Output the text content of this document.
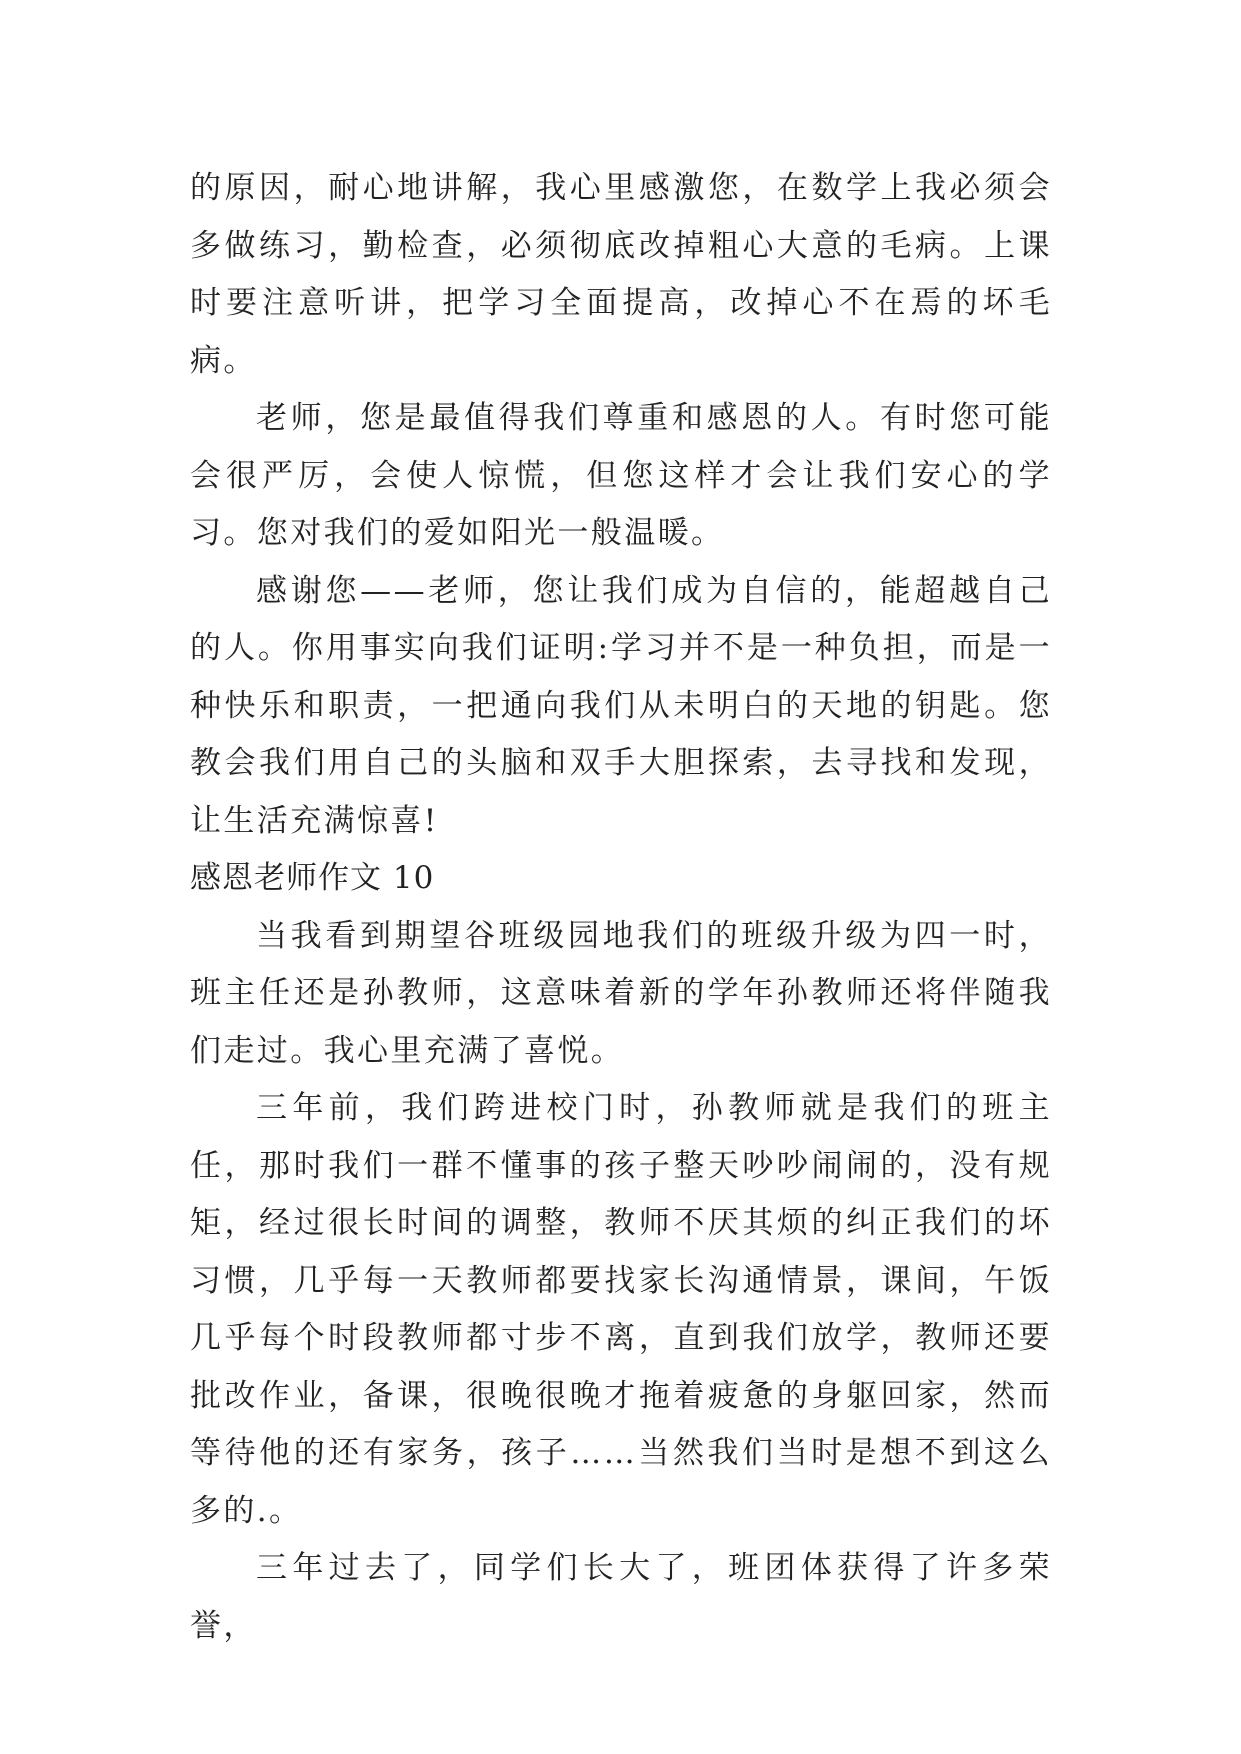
的原因，耐心地讲解，我心里感激您，在数学上我必须会多做练习，勤检查，必须彻底改掉粗心大意的毛病。上课时要注意听讲，把学习全面提高，改掉心不在焉的坏毛病。

老师，您是最值得我们尊重和感恩的人。有时您可能会很严厉，会使人惊慌，但您这样才会让我们安心的学习。您对我们的爱如阳光一般温暖。

感谢您——老师，您让我们成为自信的，能超越自己的人。你用事实向我们证明:学习并不是一种负担，而是一种快乐和职责，一把通向我们从未明白的天地的钥匙。您教会我们用自己的头脑和双手大胆探索，去寻找和发现，让生活充满惊喜!

感恩老师作文 10

当我看到期望谷班级园地我们的班级升级为四一时，班主任还是孙教师，这意味着新的学年孙教师还将伴随我们走过。我心里充满了喜悦。

三年前，我们跨进校门时，孙教师就是我们的班主任，那时我们一群不懂事的孩子整天吵吵闹闹的，没有规矩，经过很长时间的调整，教师不厌其烦的纠正我们的坏习惯，几乎每一天教师都要找家长沟通情景，课间，午饭几乎每个时段教师都寸步不离，直到我们放学，教师还要批改作业，备课，很晚很晚才拖着疲惫的身躯回家，然而等待他的还有家务，孩子……当然我们当时是想不到这么多的.。

三年过去了，同学们长大了，班团体获得了许多荣誉，
